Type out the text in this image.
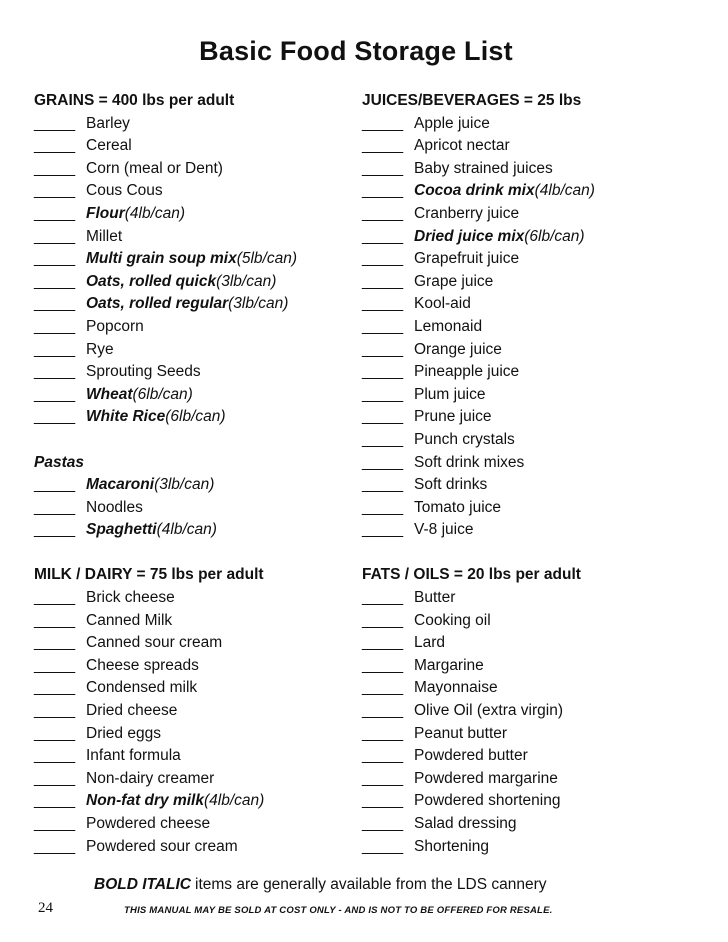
Basic Food Storage List
GRAINS = 400 lbs per adult
_____Barley
_____Cereal
_____Corn (meal or Dent)
_____Cous Cous
_____Flour(4lb/can)
_____Millet
_____Multi grain soup mix(5lb/can)
_____Oats, rolled quick(3lb/can)
_____Oats, rolled regular(3lb/can)
_____Popcorn
_____Rye
_____Sprouting Seeds
_____Wheat(6lb/can)
_____White Rice(6lb/can)
Pastas
_____Macaroni(3lb/can)
_____Noodles
_____Spaghetti(4lb/can)
MILK / DAIRY = 75 lbs per adult
_____Brick cheese
_____Canned Milk
_____Canned sour cream
_____Cheese spreads
_____Condensed milk
_____Dried cheese
_____Dried eggs
_____Infant formula
_____Non-dairy creamer
_____Non-fat dry milk(4lb/can)
_____Powdered cheese
_____Powdered sour cream
JUICES/BEVERAGES = 25 lbs
_____Apple juice
_____Apricot nectar
_____Baby strained juices
_____Cocoa drink mix(4lb/can)
_____Cranberry juice
_____Dried juice mix(6lb/can)
_____Grapefruit juice
_____Grape juice
_____Kool-aid
_____Lemonaid
_____Orange juice
_____Pineapple juice
_____Plum juice
_____Prune juice
_____Punch crystals
_____Soft drink mixes
_____Soft drinks
_____Tomato juice
_____V-8 juice
FATS / OILS = 20 lbs per adult
_____Butter
_____Cooking oil
_____Lard
_____Margarine
_____Mayonnaise
_____Olive Oil (extra virgin)
_____Peanut butter
_____Powdered butter
_____Powdered margarine
_____Powdered shortening
_____Salad dressing
_____Shortening
BOLD ITALIC items are generally available from the LDS cannery
24	THIS MANUAL MAY BE SOLD AT COST ONLY - AND IS NOT TO BE OFFERED FOR RESALE.
